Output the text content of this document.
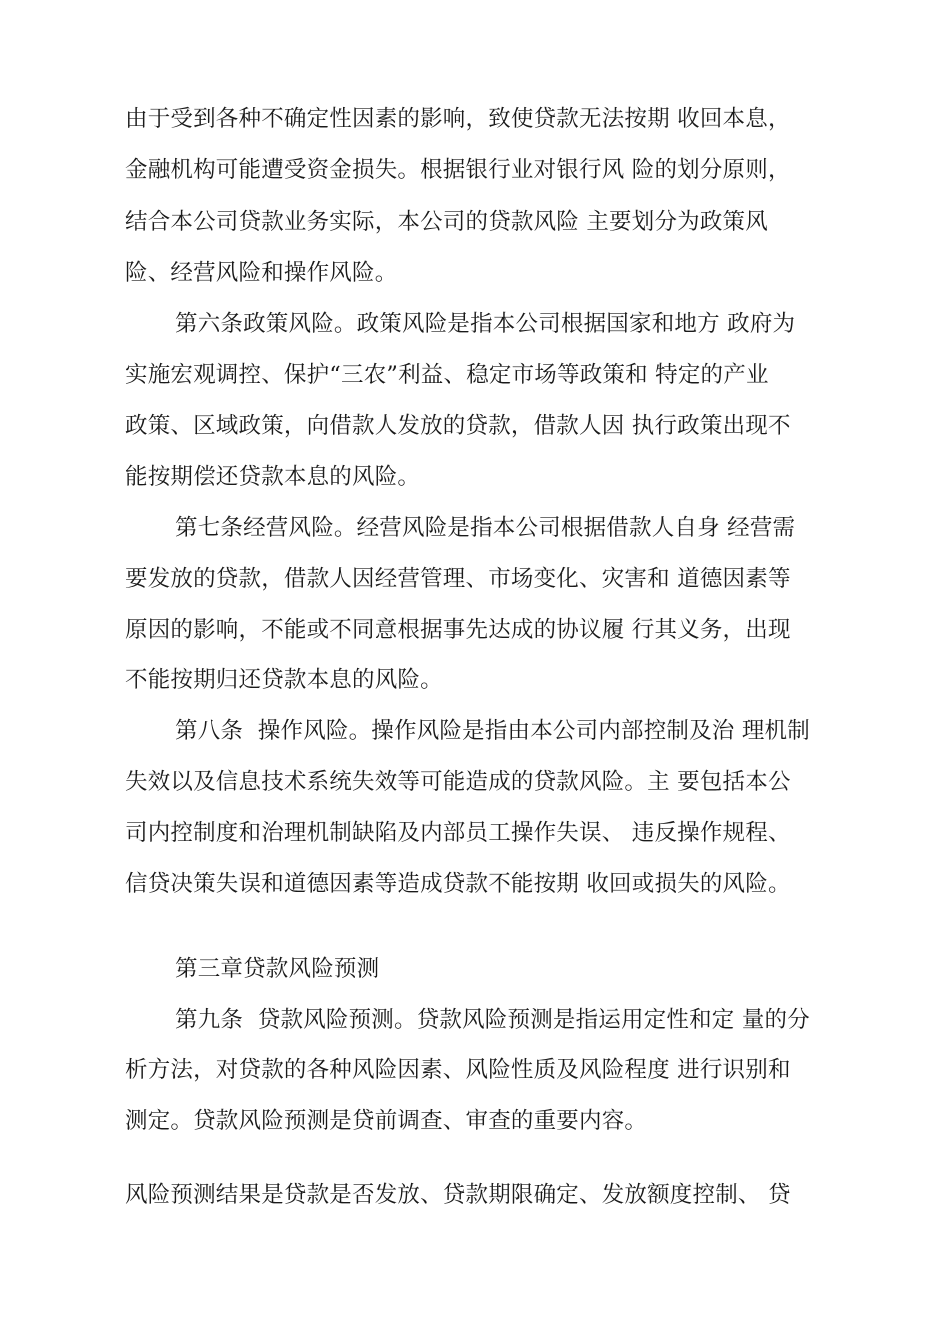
由于受到各种不确定性因素的影响，致使贷款无法按期 收回本息，
金融机构可能遭受资金损失。根据银行业对银行风 险的划分原则，
结合本公司贷款业务实际，本公司的贷款风险 主要划分为政策风
险、经营风险和操作风险。
第六条政策风险。政策风险是指本公司根据国家和地方 政府为
实施宏观调控、保护“三农”利益、稳定市场等政策和 特定的产业
政策、区域政策，向借款人发放的贷款，借款人因 执行政策出现不
能按期偿还贷款本息的风险。
第七条经营风险。经营风险是指本公司根据借款人自身 经营需
要发放的贷款，借款人因经营管理、市场变化、灾害和 道德因素等
原因的影响，不能或不同意根据事先达成的协议履 行其义务，出现
不能按期归还贷款本息的风险。
第八条  操作风险。操作风险是指由本公司内部控制及治 理机制
失效以及信息技术系统失效等可能造成的贷款风险。主 要包括本公
司内控制度和治理机制缺陷及内部员工操作失误、 违反操作规程、
信贷决策失误和道德因素等造成贷款不能按期 收回或损失的风险。
第三章贷款风险预测
第九条  贷款风险预测。贷款风险预测是指运用定性和定 量的分
析方法，对贷款的各种风险因素、风险性质及风险程度 进行识别和
测定。贷款风险预测是贷前调查、审查的重要内容。
风险预测结果是贷款是否发放、贷款期限确定、发放额度控制、 贷
